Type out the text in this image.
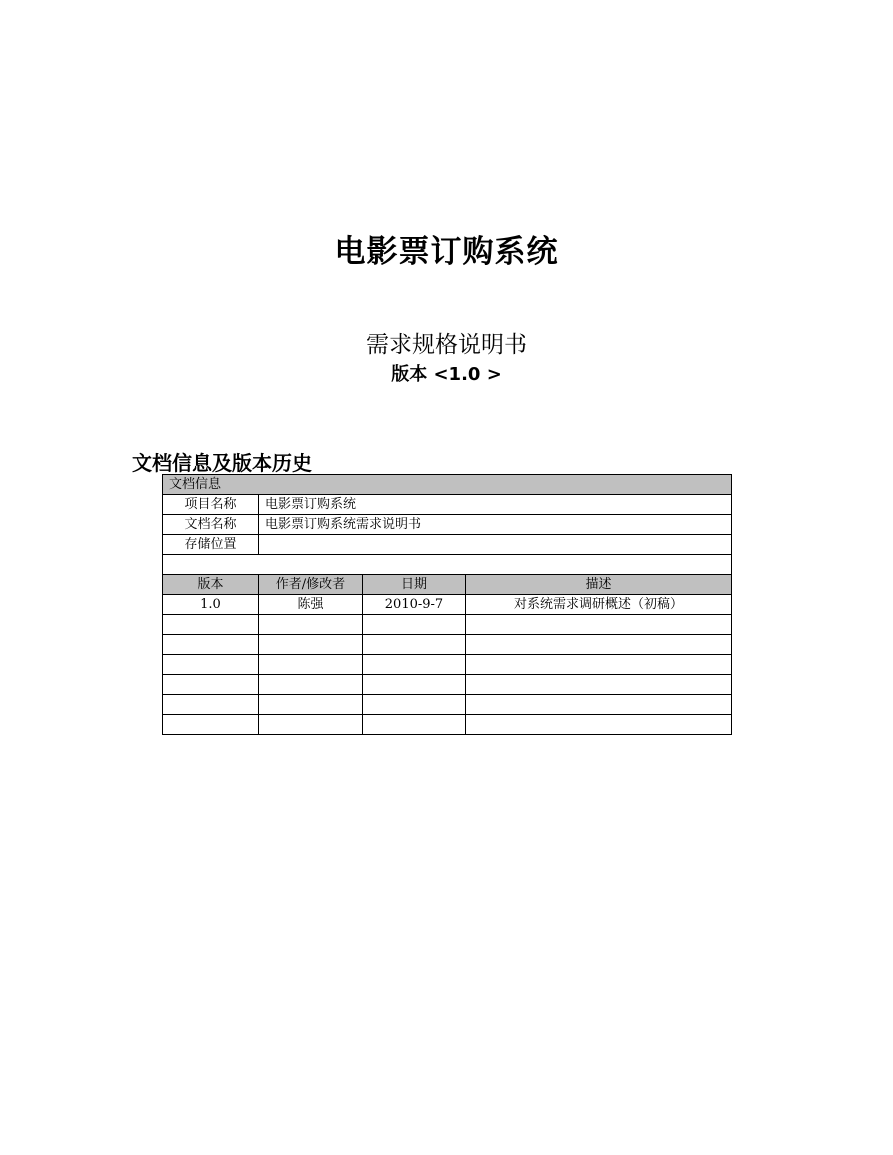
电影票订购系统
需求规格说明书
版本 <1.0 >
文档信息及版本历史
文档信息			
项目名称	电影票订购系统		
文档名称	电影票订购系统需求说明书		
存储位置			

版本	作者/修改者	日期	描述
1.0	陈强	2010-9-7	对系统需求调研概述（初稿）
